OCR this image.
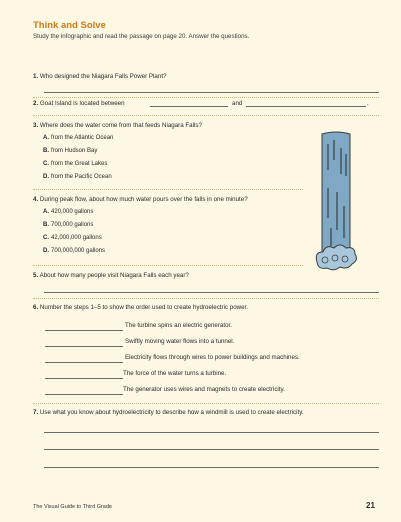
Think and Solve
Study the infographic and read the passage on page 20. Answer the questions.
1. Who designed the Niagara Falls Power Plant?
2. Goat Island is located between	and	.
3. Where does the water come from that feeds Niagara Falls?
A. from the Atlantic Ocean
B. from Hudson Bay
C. from the Great Lakes
D. from the Pacific Ocean
4. During peak flow, about how much water pours over the falls in one minute?
A. 420,000 gallons
B. 700,000 gallons
C. 42,000,000 gallons
D. 700,000,000 gallons
5. About how many people visit Niagara Falls each year?
6. Number the steps 1–5 to show the order used to create hydroelectric power.
The turbine spins an electric generator.
Swiftly moving water flows into a tunnel.
Electricity flows through wires to power buildings and machines.
The force of the water turns a turbine.
The generator uses wires and magnets to create electricity.
7. Use what you know about hydroelectricity to describe how a windmill is used to create electricity.
The Visual Guide to Third Grade	21
